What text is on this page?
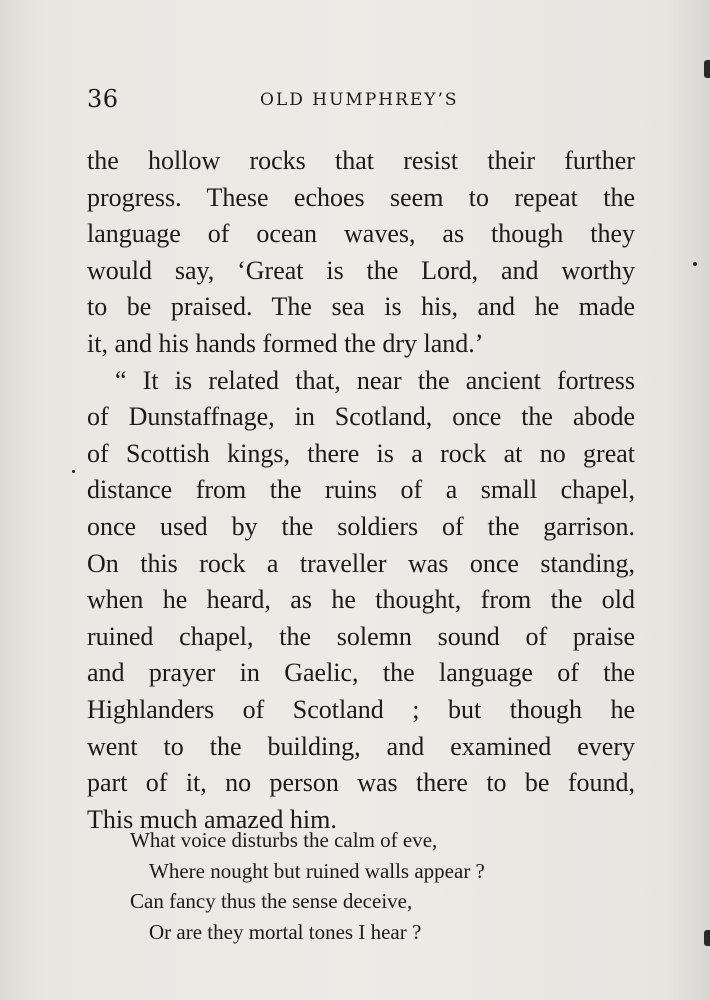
36	OLD HUMPHREY’S
the hollow rocks that resist their further
progress. These echoes seem to repeat the
language of ocean waves, as though they
would say, ‘Great is the Lord, and worthy
to be praised. The sea is his, and he made
it, and his hands formed the dry land.’
“ It is related that, near the ancient fortress
of Dunstaffnage, in Scotland, once the abode
of Scottish kings, there is a rock at no great
distance from the ruins of a small chapel,
once used by the soldiers of the garrison.
On this rock a traveller was once standing,
when he heard, as he thought, from the old
ruined chapel, the solemn sound of praise
and prayer in Gaelic, the language of the
Highlanders of Scotland ; but though he
went to the building, and examined every
part of it, no person was there to be found,
This much amazed him.
What voice disturbs the calm of eve,
Where nought but ruined walls appear ?
Can fancy thus the sense deceive,
Or are they mortal tones I hear ?
